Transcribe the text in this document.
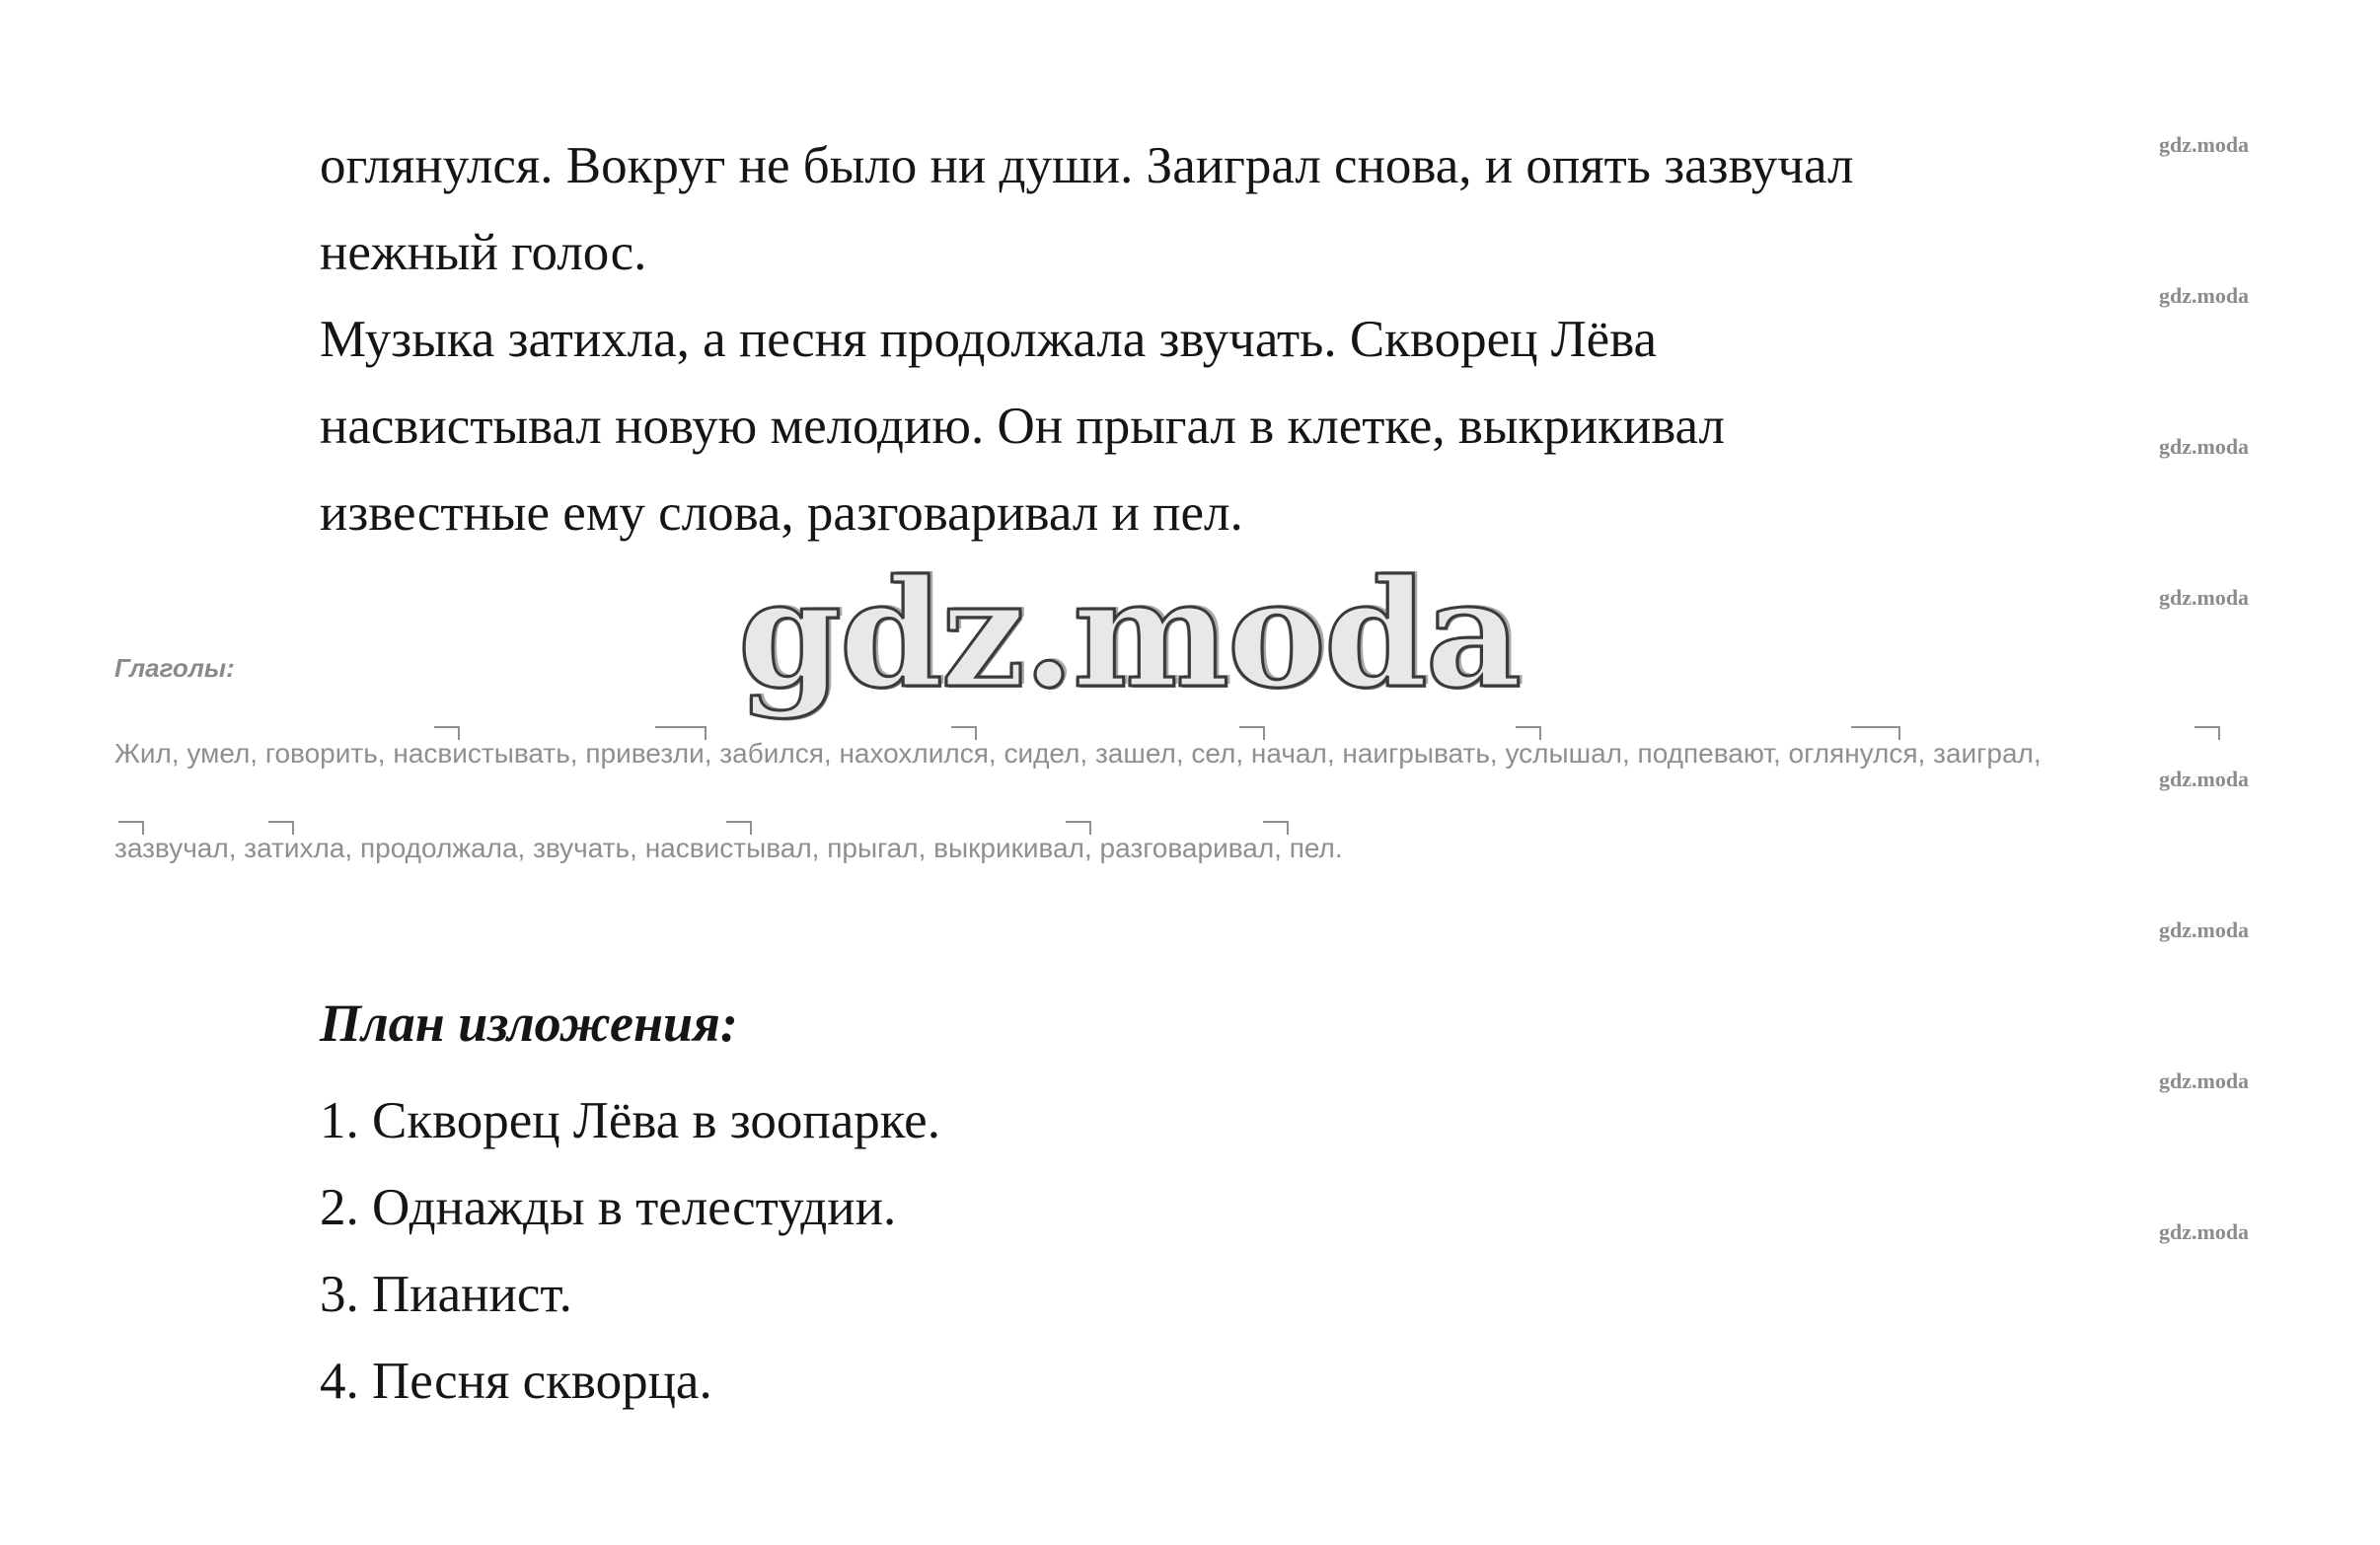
gdz.moda
gdz.moda
gdz.moda
gdz.moda
gdz.moda
gdz.moda
gdz.moda
gdz.moda
оглянулся. Вокруг не было ни души. Заиграл снова, и опять зазвучал
нежный голос.
Музыка затихла, а песня продолжала звучать. Скворец Лёва
насвистывал новую мелодию. Он прыгал в клетке, выкрикивал
известные ему слова, разговаривал и пел.
gdz.moda
Глаголы:
Жил, умел, говорить, насвистывать, привезли, забился, нахохлился, сидел, зашел, сел, начал, наигрывать, услышал, подпевают, оглянулся, заиграл,
зазвучал, затихла, продолжала, звучать, насвистывал, прыгал, выкрикивал, разговаривал, пел.
План изложения:
1. Скворец Лёва в зоопарке.
2. Однажды в телестудии.
3. Пианист.
4. Песня скворца.
